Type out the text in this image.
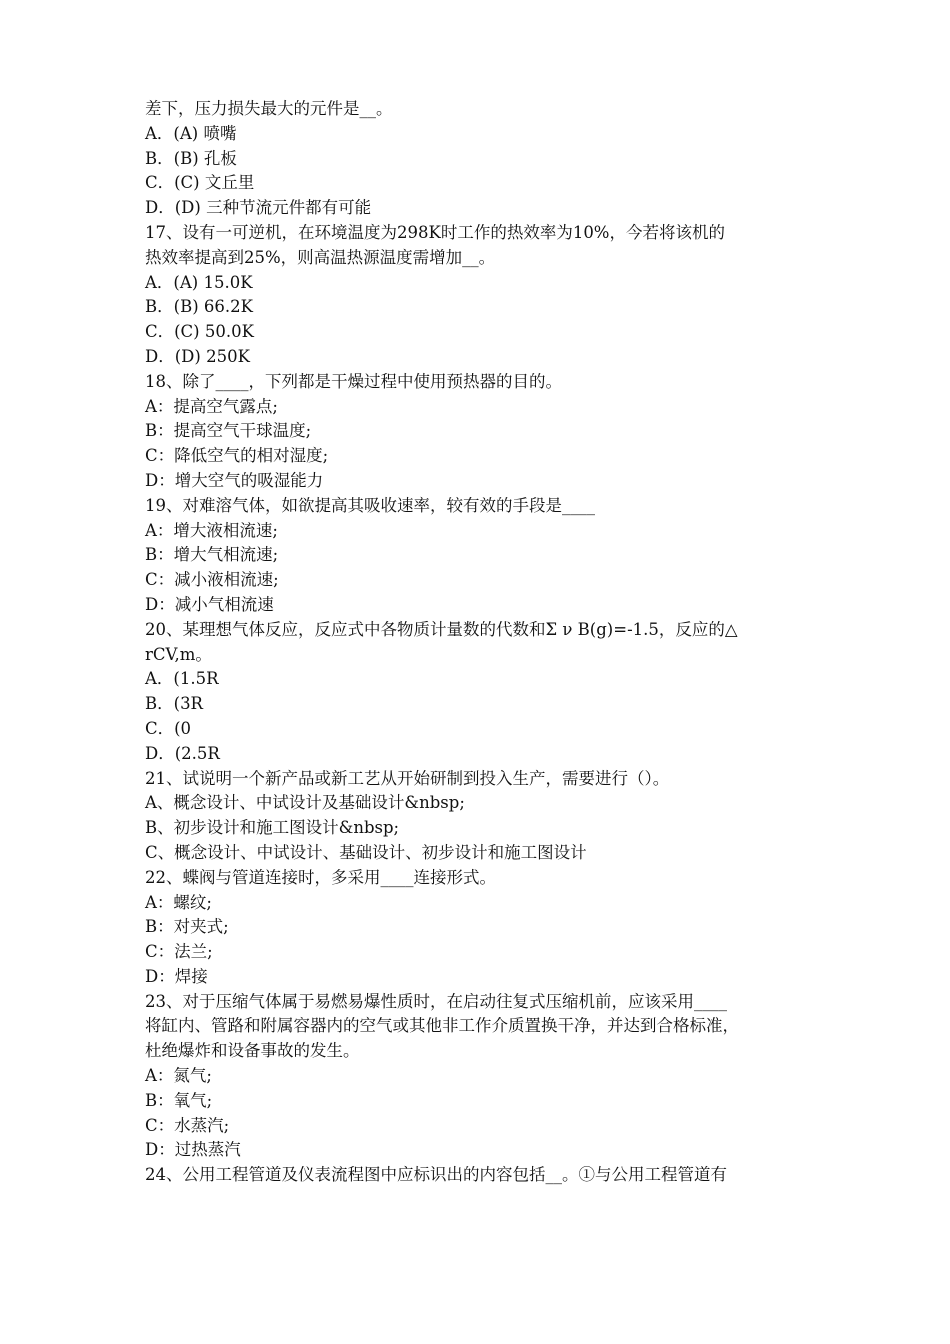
差下，压力损失最大的元件是__。
A．(A) 喷嘴
B．(B) 孔板
C．(C) 文丘里
D．(D) 三种节流元件都有可能
17、设有一可逆机，在环境温度为298K时工作的热效率为10%，今若将该机的
热效率提高到25%，则高温热源温度需增加__。
A．(A) 15.0K
B．(B) 66.2K
C．(C) 50.0K
D．(D) 250K
18、除了____，下列都是干燥过程中使用预热器的目的。
A：提高空气露点;
B：提高空气干球温度;
C：降低空气的相对湿度;
D：增大空气的吸湿能力
19、对难溶气体，如欲提高其吸收速率，较有效的手段是____
A：增大液相流速;
B：增大气相流速;
C：减小液相流速;
D：减小气相流速
20、某理想气体反应，反应式中各物质计量数的代数和Σ ν B(g)=-1.5，反应的△
rCV,m。
A．(1.5R
B．(3R
C．(0
D．(2.5R
21、试说明一个新产品或新工艺从开始研制到投入生产，需要进行（）。
A、概念设计、中试设计及基础设计&nbsp;
B、初步设计和施工图设计&nbsp;
C、概念设计、中试设计、基础设计、初步设计和施工图设计
22、蝶阀与管道连接时，多采用____连接形式。
A：螺纹;
B：对夹式;
C：法兰;
D：焊接
23、对于压缩气体属于易燃易爆性质时，在启动往复式压缩机前，应该采用____
将缸内、管路和附属容器内的空气或其他非工作介质置换干净，并达到合格标准，
杜绝爆炸和设备事故的发生。
A：氮气;
B：氧气;
C：水蒸汽;
D：过热蒸汽
24、公用工程管道及仪表流程图中应标识出的内容包括__。①与公用工程管道有
